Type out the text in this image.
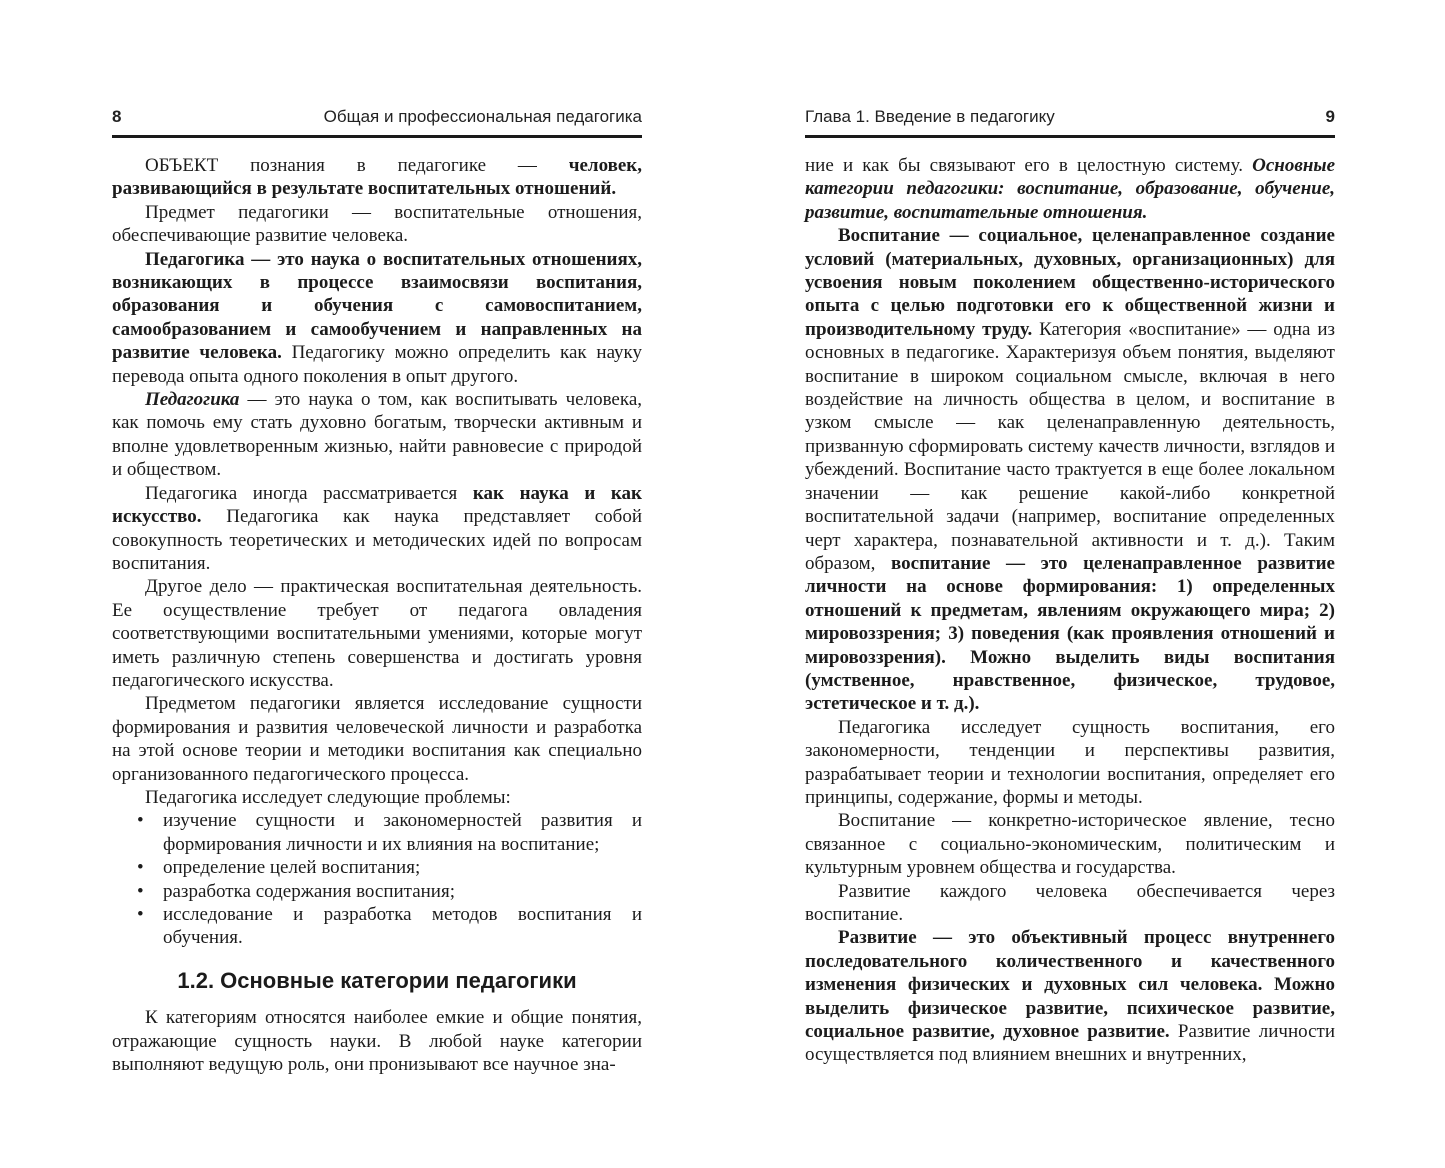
8	Общая и профессиональная педагогика

ОБЪЕКТ познания в педагогике — человек, развивающийся в результате воспитательных отношений.

Предмет педагогики — воспитательные отношения, обеспечивающие развитие человека.

Педагогика — это наука о воспитательных отношениях, возникающих в процессе взаимосвязи воспитания, образования и обучения с самовоспитанием, самообразованием и самообучением и направленных на развитие человека. Педагогику можно определить как науку перевода опыта одного поколения в опыт другого.

Педагогика — это наука о том, как воспитывать человека, как помочь ему стать духовно богатым, творчески активным и вполне удовлетворенным жизнью, найти равновесие с природой и обществом.

Педагогика иногда рассматривается как наука и как искусство. Педагогика как наука представляет собой совокупность теоретических и методических идей по вопросам воспитания.

Другое дело — практическая воспитательная деятельность. Ее осуществление требует от педагога овладения соответствующими воспитательными умениями, которые могут иметь различную степень совершенства и достигать уровня педагогического искусства.

Предметом педагогики является исследование сущности формирования и развития человеческой личности и разработка на этой основе теории и методики воспитания как специально организованного педагогического процесса.

Педагогика исследует следующие проблемы:

• изучение сущности и закономерностей развития и формирования личности и их влияния на воспитание;
• определение целей воспитания;
• разработка содержания воспитания;
• исследование и разработка методов воспитания и обучения.
1.2. Основные категории педагогики

К категориям относятся наиболее емкие и общие понятия, отражающие сущность науки. В любой науке категории выполняют ведущую роль, они пронизывают все научное зна-

Глава 1. Введение в педагогику	9

ние и как бы связывают его в целостную систему. Основные категории педагогики: воспитание, образование, обучение, развитие, воспитательные отношения.

Воспитание — социальное, целенаправленное создание условий (материальных, духовных, организационных) для усвоения новым поколением общественно-исторического опыта с целью подготовки его к общественной жизни и производительному труду. Категория «воспитание» — одна из основных в педагогике. Характеризуя объем понятия, выделяют воспитание в широком социальном смысле, включая в него воздействие на личность общества в целом, и воспитание в узком смысле — как целенаправленную деятельность, призванную сформировать систему качеств личности, взглядов и убеждений. Воспитание часто трактуется в еще более локальном значении — как решение какой-либо конкретной воспитательной задачи (например, воспитание определенных черт характера, познавательной активности и т. д.). Таким образом, воспитание — это целенаправленное развитие личности на основе формирования: 1) определенных отношений к предметам, явлениям окружающего мира; 2) мировоззрения; 3) поведения (как проявления отношений и мировоззрения). Можно выделить виды воспитания (умственное, нравственное, физическое, трудовое, эстетическое и т. д.).

Педагогика исследует сущность воспитания, его закономерности, тенденции и перспективы развития, разрабатывает теории и технологии воспитания, определяет его принципы, содержание, формы и методы.

Воспитание — конкретно-историческое явление, тесно связанное с социально-экономическим, политическим и культурным уровнем общества и государства.

Развитие каждого человека обеспечивается через воспитание.

Развитие — это объективный процесс внутреннего последовательного количественного и качественного изменения физических и духовных сил человека. Можно выделить физическое развитие, психическое развитие, социальное развитие, духовное развитие. Развитие личности осуществляется под влиянием внешних и внутренних,
